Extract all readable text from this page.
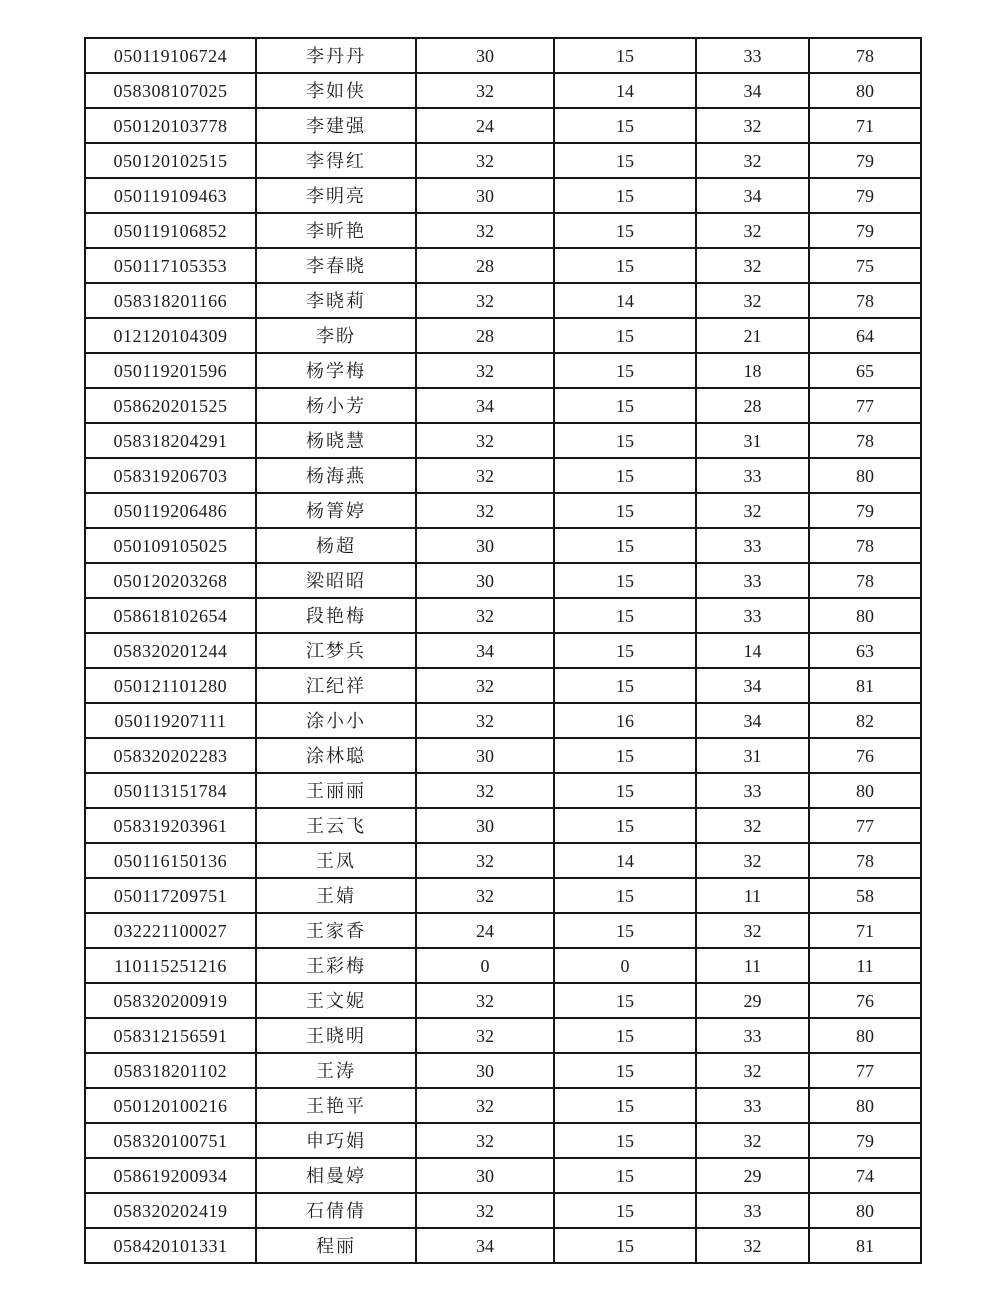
050119106724	李丹丹	30	15	33	78
058308107025	李如侠	32	14	34	80
050120103778	李建强	24	15	32	71
050120102515	李得红	32	15	32	79
050119109463	李明亮	30	15	34	79
050119106852	李昕艳	32	15	32	79
050117105353	李春晓	28	15	32	75
058318201166	李晓莉	32	14	32	78
012120104309	李盼	28	15	21	64
050119201596	杨学梅	32	15	18	65
058620201525	杨小芳	34	15	28	77
058318204291	杨晓慧	32	15	31	78
058319206703	杨海燕	32	15	33	80
050119206486	杨箐婷	32	15	32	79
050109105025	杨超	30	15	33	78
050120203268	梁昭昭	30	15	33	78
058618102654	段艳梅	32	15	33	80
058320201244	江梦兵	34	15	14	63
050121101280	江纪祥	32	15	34	81
050119207111	涂小小	32	16	34	82
058320202283	涂林聪	30	15	31	76
050113151784	王丽丽	32	15	33	80
058319203961	王云飞	30	15	32	77
050116150136	王凤	32	14	32	78
050117209751	王婧	32	15	11	58
032221100027	王家香	24	15	32	71
110115251216	王彩梅	0	0	11	11
058320200919	王文妮	32	15	29	76
058312156591	王晓明	32	15	33	80
058318201102	王涛	30	15	32	77
050120100216	王艳平	32	15	33	80
058320100751	申巧娟	32	15	32	79
058619200934	相曼婷	30	15	29	74
058320202419	石倩倩	32	15	33	80
058420101331	程丽	34	15	32	81
